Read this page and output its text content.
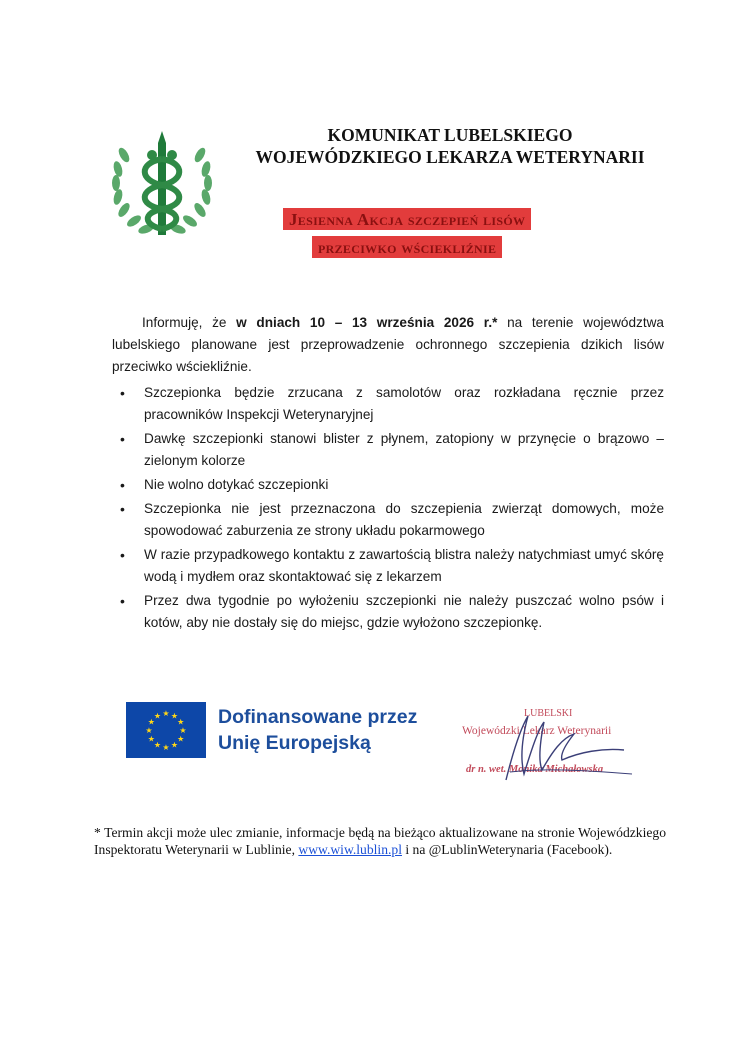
KOMUNIKAT LUBELSKIEGO
WOJEWÓDZKIEGO LEKARZA WETERYNARII
Jesienna Akcja szczepień lisów
przeciwko wściekliźnie

Informuję, że w dniach 10 – 13 września 2026 r.* na terenie województwa lubelskiego planowane jest przeprowadzenie ochronnego szczepienia dzikich lisów przeciwko wściekliźnie.

• Szczepionka będzie zrzucana z samolotów oraz rozkładana ręcznie przez pracowników Inspekcji Weterynaryjnej
• Dawkę szczepionki stanowi blister z płynem, zatopiony w przynęcie o brązowo – zielonym kolorze
• Nie wolno dotykać szczepionki
• Szczepionka nie jest przeznaczona do szczepienia zwierząt domowych, może spowodować zaburzenia ze strony układu pokarmowego
• W razie przypadkowego kontaktu z zawartością blistra należy natychmiast umyć skórę wodą i mydłem oraz skontaktować się z lekarzem
• Przez dwa tygodnie po wyłożeniu szczepionki nie należy puszczać wolno psów i kotów, aby nie dostały się do miejsc, gdzie wyłożono szczepionkę.
★ ★
★
★
★
★
★
★
★
★
★
★	Dofinansowane przez
Unię Europejską
LUBELSKI
Wojewódzki Lekarz Weterynarii
dr n. wet. Monika Michałowska
* Termin akcji może ulec zmianie, informacje będą na bieżąco aktualizowane na stronie Wojewódzkiego Inspektoratu Weterynarii w Lublinie, www.wiw.lublin.pl i na @LublinWeterynaria (Facebook).
